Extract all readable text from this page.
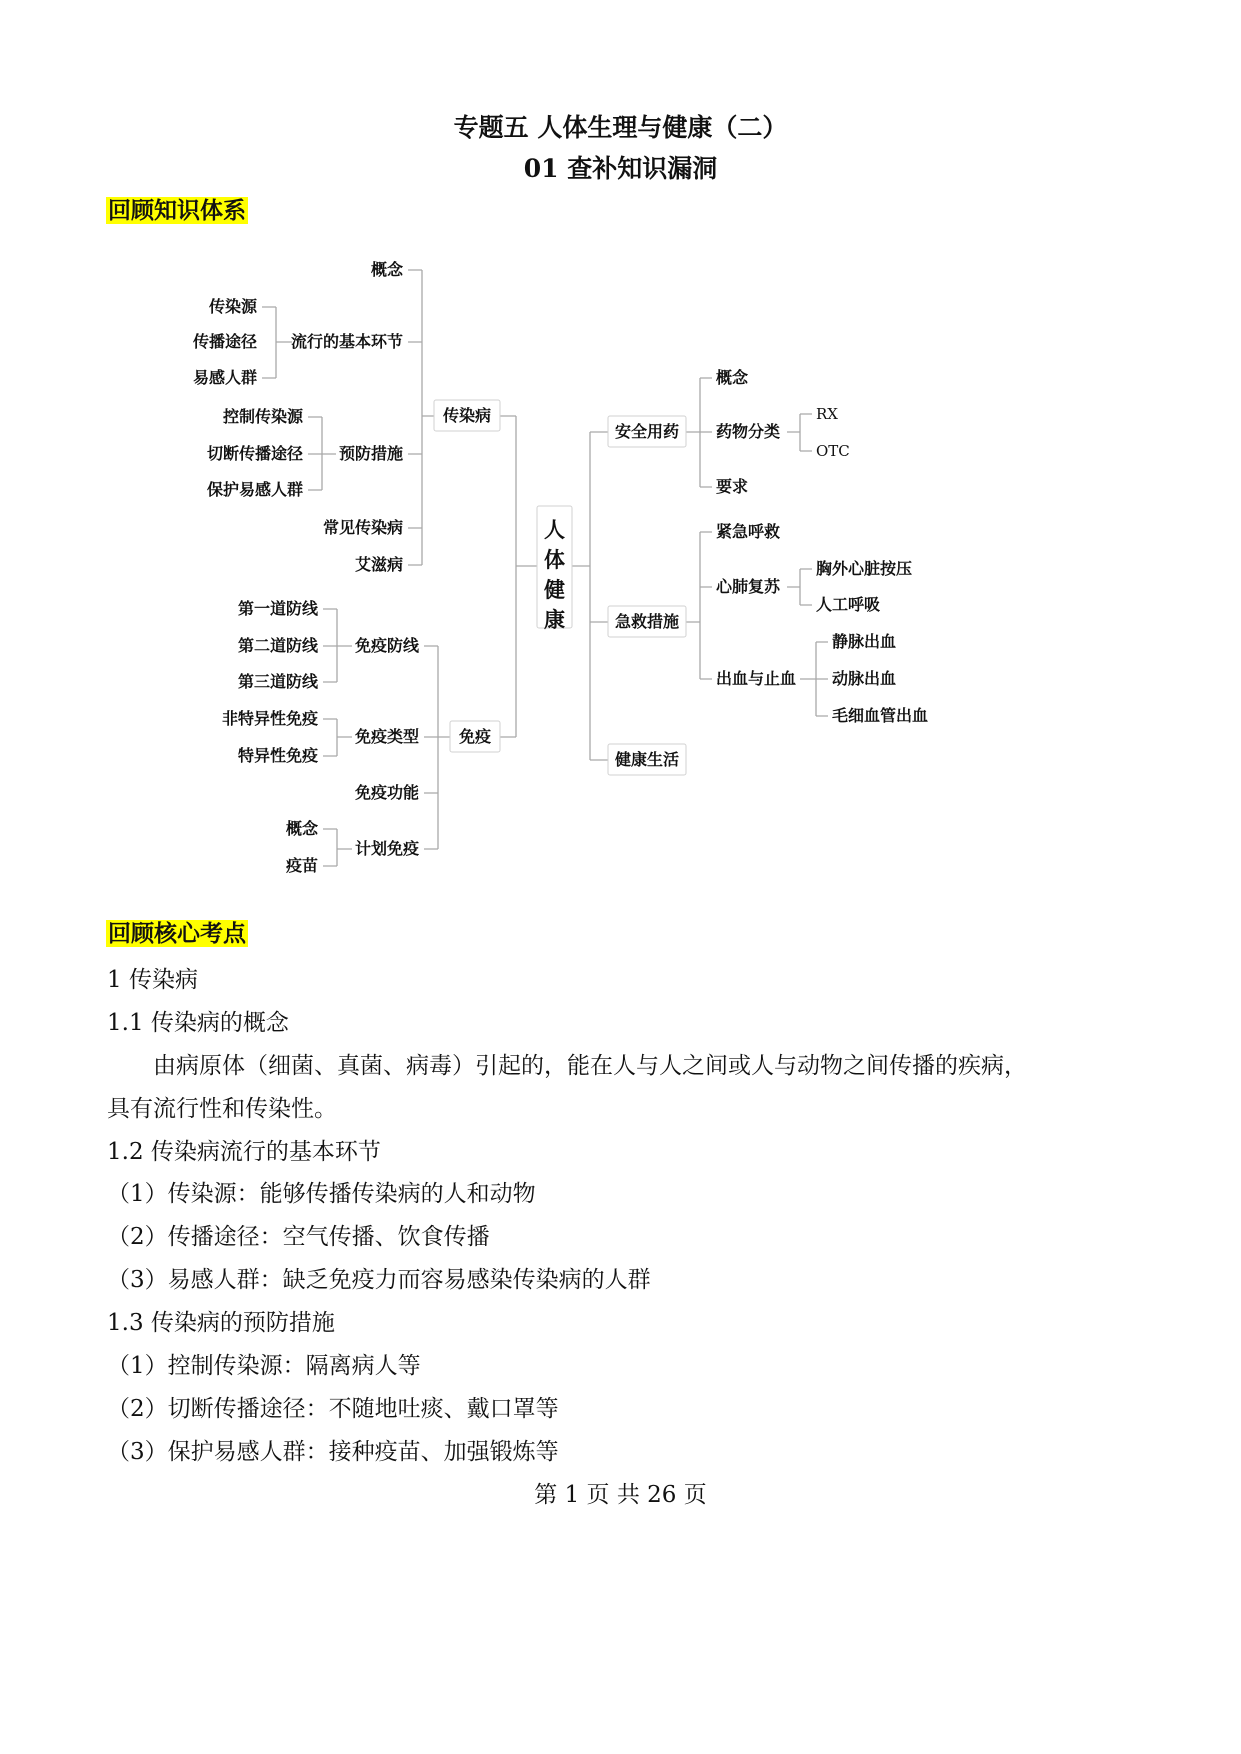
专题五 人体生理与健康（二）
01 查补知识漏洞
回顾知识体系
概念
流行的基本环节
传染源
传播途径
易感人群
预防措施
控制传染源
切断传播途径
保护易感人群
常见传染病
艾滋病
传染病
免疫防线
第一道防线
第二道防线
第三道防线
免疫类型
非特异性免疫
特异性免疫
免疫功能
计划免疫
概念
疫苗
免疫
人
体
健
康
安全用药
概念
药物分类
RX
OTC
要求
急救措施
紧急呼救
心肺复苏
胸外心脏按压
人工呼吸
出血与止血
静脉出血
动脉出血
毛细血管出血
健康生活
回顾核心考点
1 传染病
1.1 传染病的概念
由病原体（细菌、真菌、病毒）引起的，能在人与人之间或人与动物之间传播的疾病，
具有流行性和传染性。
1.2 传染病流行的基本环节
（1）传染源：能够传播传染病的人和动物
（2）传播途径：空气传播、饮食传播
（3）易感人群：缺乏免疫力而容易感染传染病的人群
1.3 传染病的预防措施
（1）控制传染源：隔离病人等
（2）切断传播途径：不随地吐痰、戴口罩等
（3）保护易感人群：接种疫苗、加强锻炼等
第 1 页 共 26 页
